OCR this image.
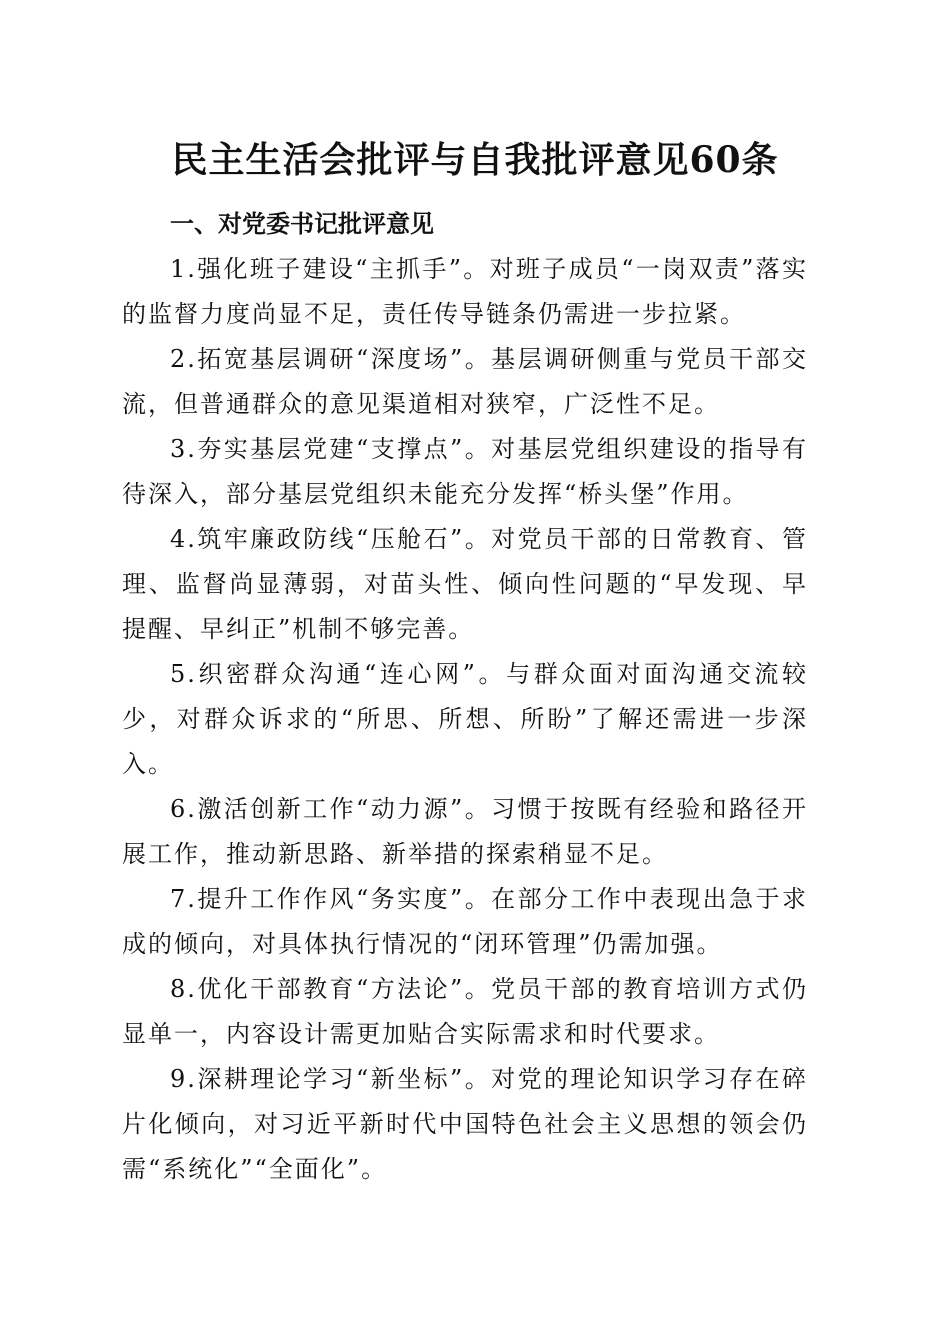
民主生活会批评与自我批评意见60条
一、对党委书记批评意见
1.强化班子建设“主抓手”。对班子成员“一岗双责”落实的监督力度尚显不足，责任传导链条仍需进一步拉紧。
2.拓宽基层调研“深度场”。基层调研侧重与党员干部交流，但普通群众的意见渠道相对狭窄，广泛性不足。
3.夯实基层党建“支撑点”。对基层党组织建设的指导有待深入，部分基层党组织未能充分发挥“桥头堡”作用。
4.筑牢廉政防线“压舱石”。对党员干部的日常教育、管理、监督尚显薄弱，对苗头性、倾向性问题的“早发现、早提醒、早纠正”机制不够完善。
5.织密群众沟通“连心网”。与群众面对面沟通交流较少，对群众诉求的“所思、所想、所盼”了解还需进一步深入。
6.激活创新工作“动力源”。习惯于按既有经验和路径开展工作，推动新思路、新举措的探索稍显不足。
7.提升工作作风“务实度”。在部分工作中表现出急于求成的倾向，对具体执行情况的“闭环管理”仍需加强。
8.优化干部教育“方法论”。党员干部的教育培训方式仍显单一，内容设计需更加贴合实际需求和时代要求。
9.深耕理论学习“新坐标”。对党的理论知识学习存在碎片化倾向，对习近平新时代中国特色社会主义思想的领会仍需“系统化”“全面化”。
